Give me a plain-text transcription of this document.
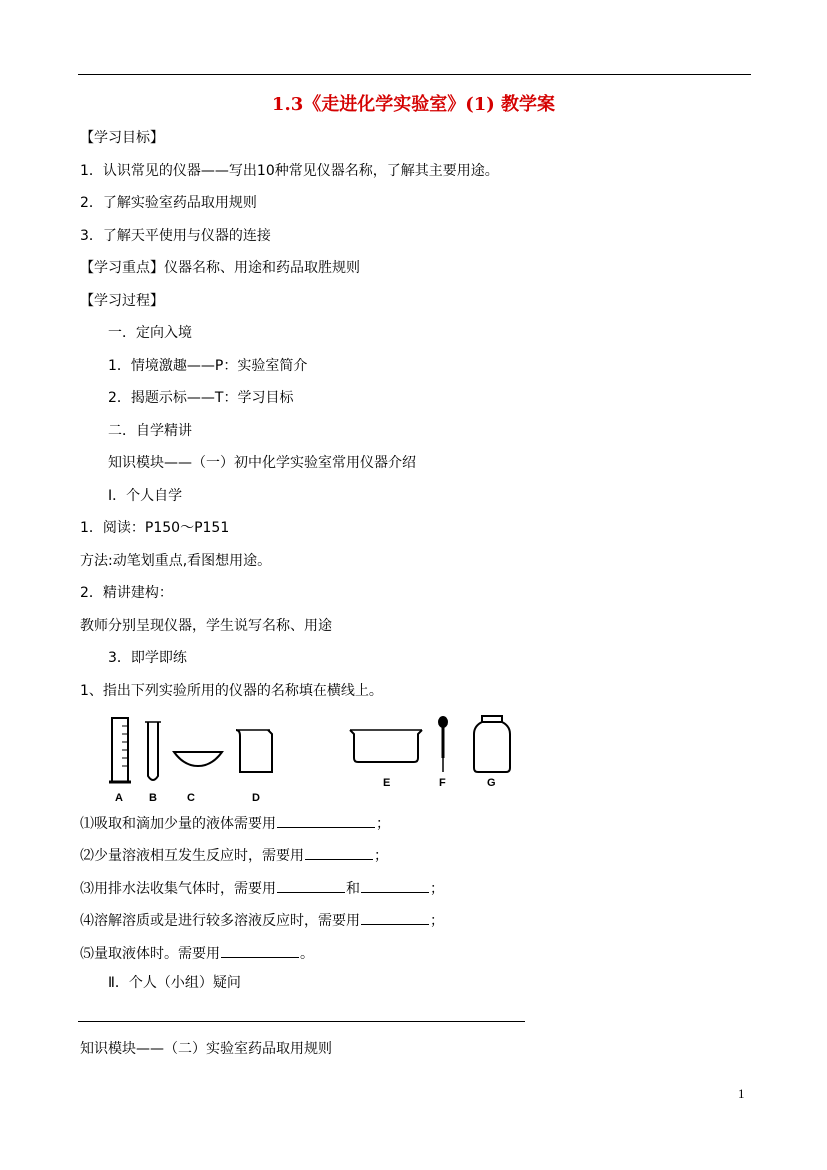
1.3《走进化学实验室》(1) 教学案
【学习目标】
1．认识常见的仪器——写出10种常见仪器名称，了解其主要用途。
2．了解实验室药品取用规则
3．了解天平使用与仪器的连接
【学习重点】仪器名称、用途和药品取胜规则
【学习过程】
一．定向入境
1．情境激趣——P：实验室简介
2．揭题示标——T：学习目标
二．自学精讲
知识模块——（一）初中化学实验室常用仪器介绍
Ⅰ．个人自学
1．阅读：P150～P151
方法:动笔划重点,看图想用途。
2．精讲建构：
教师分别呈现仪器，学生说写名称、用途
3．即学即练
1、指出下列实验所用的仪器的名称填在横线上。
A B	C	D
E	F	G
⑴吸取和滴加少量的液体需要用	；
⑵少量溶液相互发生反应时，需要用	；
⑶用排水法收集气体时，需要用	和	；
⑷溶解溶质或是进行较多溶液反应时，需要用	；
⑸量取液体时。需要用	。
Ⅱ．个人（小组）疑问
知识模块——（二）实验室药品取用规则
1
